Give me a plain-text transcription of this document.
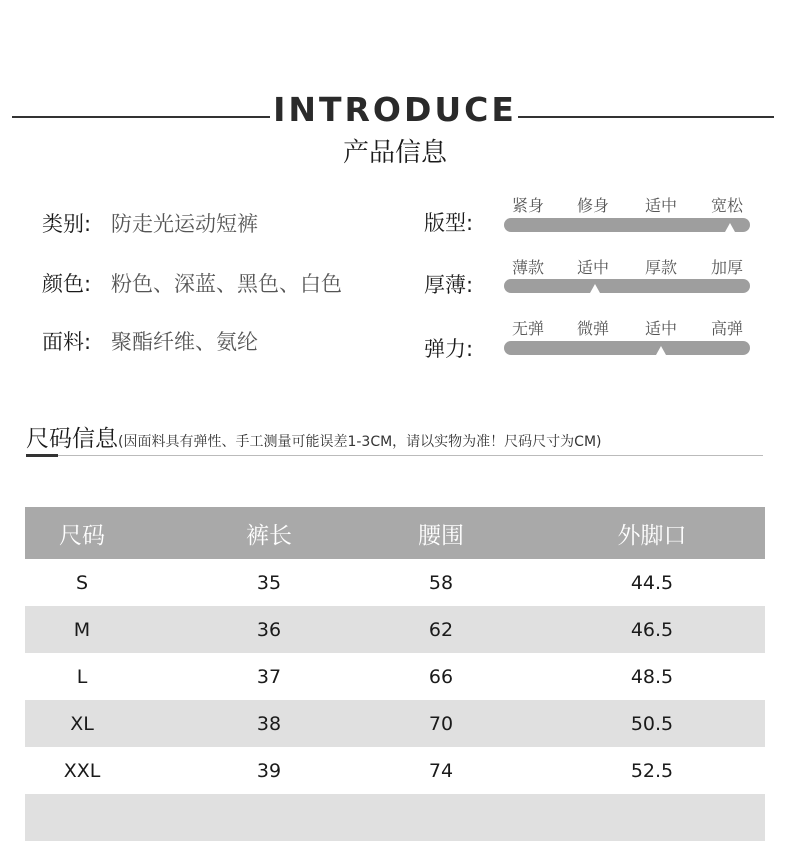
INTRODUCE
产品信息
类别: 防走光运动短裤
颜色: 粉色、深蓝、黑色、白色
面料: 聚酯纤维、氨纶
版型:
紧身	修身	适中	宽松
厚薄:
薄款	适中	厚款	加厚
弹力:
无弹	微弹	适中	高弹
尺码信息(因面料具有弹性、手工测量可能误差1-3CM，请以实物为准！尺码尺寸为CM)
尺码	裤长	腰围	外脚口
S	35	58	44.5
M	36	62	46.5
L	37	66	48.5
XL	38	70	50.5
XXL	39	74	52.5
